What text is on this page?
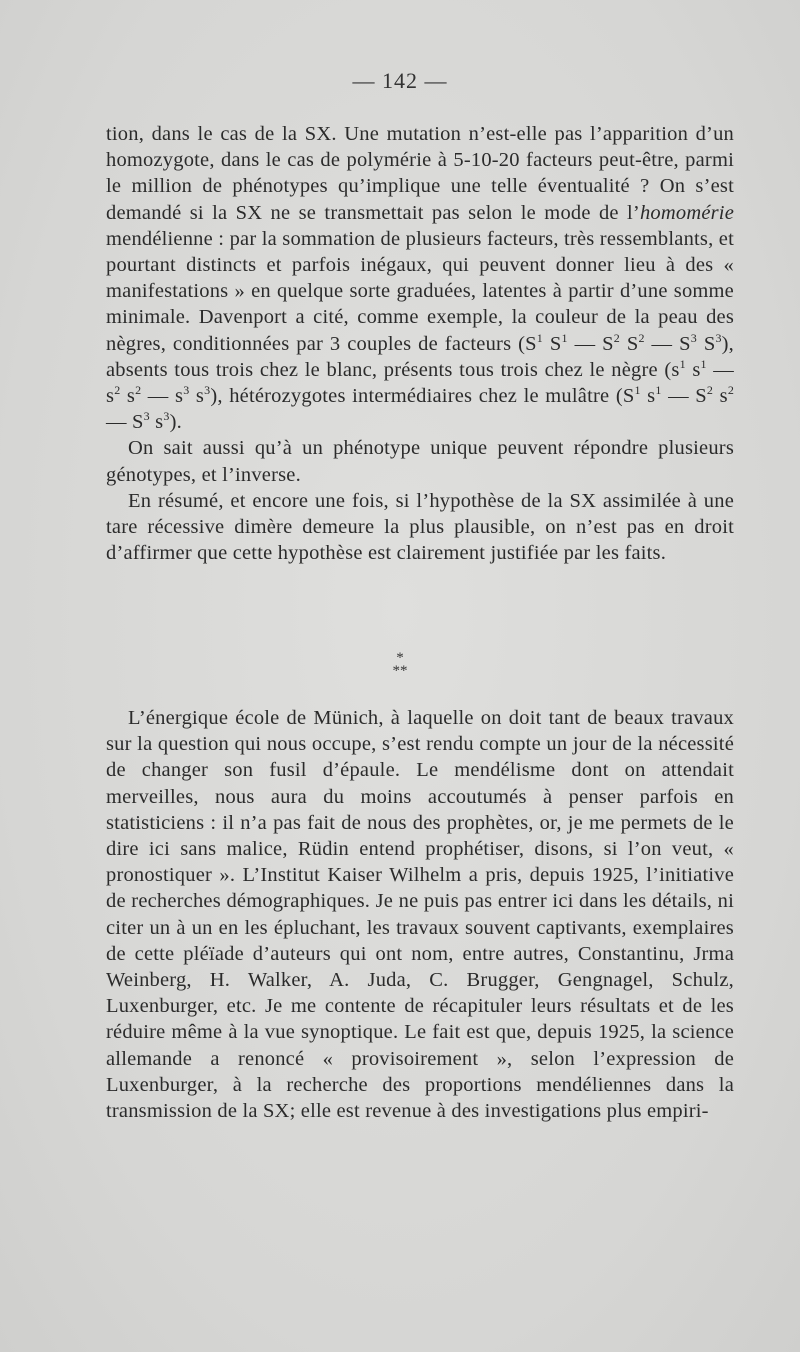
— 142 —

tion, dans le cas de la SX. Une mutation n’est-elle pas l’apparition d’un homozygote, dans le cas de polymérie à 5-10-20 facteurs peut-être, parmi le million de phénotypes qu’implique une telle éventualité ? On s’est demandé si la SX ne se transmettait pas selon le mode de l’homomérie mendélienne : par la sommation de plusieurs facteurs, très ressemblants, et pourtant distincts et parfois inégaux, qui peuvent donner lieu à des « manifestations » en quelque sorte graduées, latentes à partir d’une somme minimale. Davenport a cité, comme exemple, la couleur de la peau des nègres, conditionnées par 3 couples de facteurs ($S^1$ $S^1$ — $S^2$ $S^2$ — $S^3$ $S^3$), absents tous trois chez le blanc, présents tous trois chez le nègre ($s^1$ $s^1$ — $s^2$ $s^2$ — $s^3$ $s^3$), hétérozygotes intermédiaires chez le mulâtre ($S^1$ $s^1$ — $S^2$ $s^2$ — $S^3$ $s^3$).

On sait aussi qu’à un phénotype unique peuvent répondre plusieurs génotypes, et l’inverse.

En résumé, et encore une fois, si l’hypothèse de la SX assimilée à une tare récessive dimère demeure la plus plausible, on n’est pas en droit d’affirmer que cette hypothèse est clairement justifiée par les faits.

*
**

L’énergique école de Münich, à laquelle on doit tant de beaux travaux sur la question qui nous occupe, s’est rendu compte un jour de la nécessité de changer son fusil d’épaule. Le mendélisme dont on attendait merveilles, nous aura du moins accoutumés à penser parfois en statisticiens : il n’a pas fait de nous des prophètes, or, je me permets de le dire ici sans malice, Rüdin entend prophétiser, disons, si l’on veut, « pronostiquer ». L’Institut Kaiser Wilhelm a pris, depuis 1925, l’initiative de recherches démographiques. Je ne puis pas entrer ici dans les détails, ni citer un à un en les épluchant, les travaux souvent captivants, exemplaires de cette pléïade d’auteurs qui ont nom, entre autres, Constantinu, Jrma Weinberg, H. Walker, A. Juda, C. Brugger, Gengnagel, Schulz, Luxenburger, etc. Je me contente de récapituler leurs résultats et de les réduire même à la vue synoptique. Le fait est que, depuis 1925, la science allemande a renoncé « provisoirement », selon l’expression de Luxenburger, à la recherche des proportions mendéliennes dans la transmission de la SX; elle est revenue à des investigations plus empiri-
